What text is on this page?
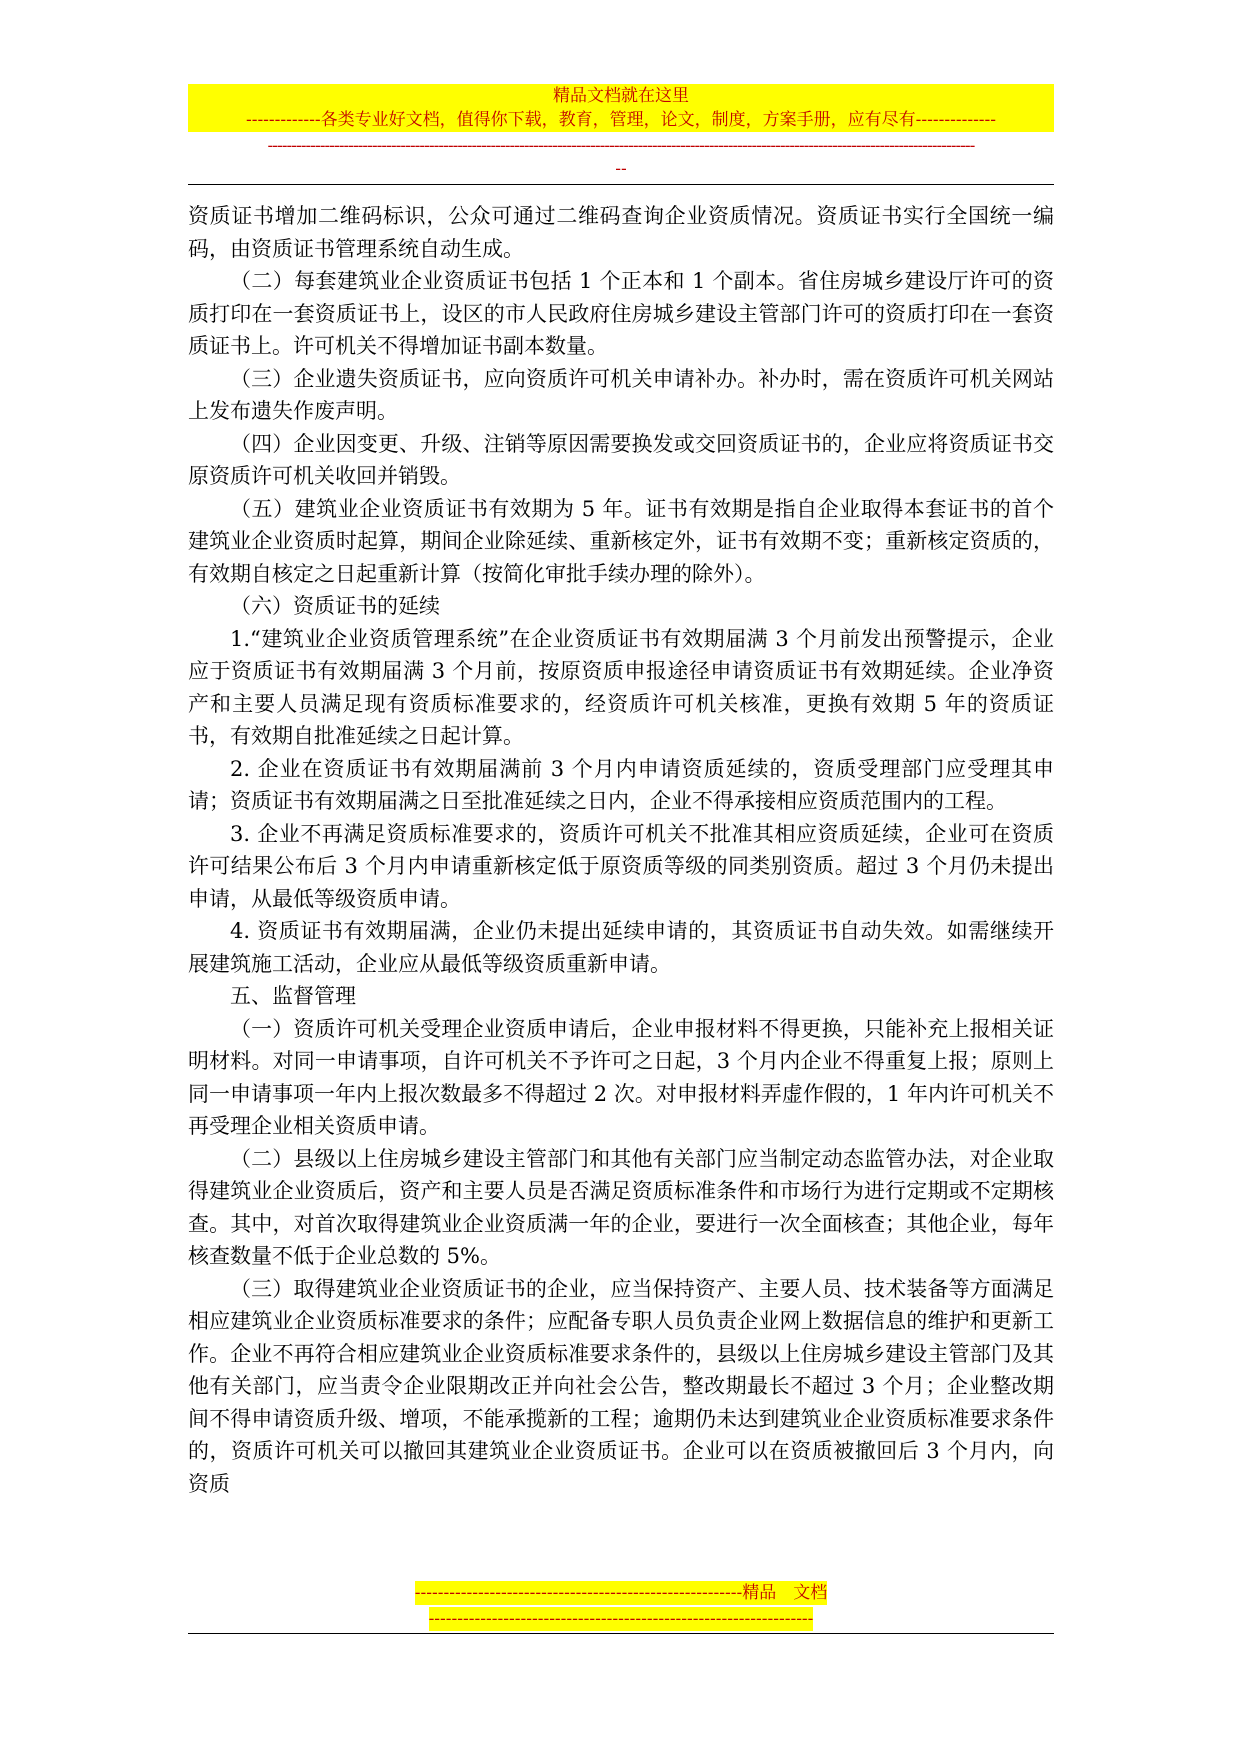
精品文档就在这里
-------------各类专业好文档，值得你下载，教育，管理，论文，制度，方案手册，应有尽有--------------
-----------------------------------------------------------------------------------------------------------------------------------------------------
--

资质证书增加二维码标识，公众可通过二维码查询企业资质情况。资质证书实行全国统一编码，由资质证书管理系统自动生成。

（二）每套建筑业企业资质证书包括 1 个正本和 1 个副本。省住房城乡建设厅许可的资质打印在一套资质证书上，设区的市人民政府住房城乡建设主管部门许可的资质打印在一套资质证书上。许可机关不得增加证书副本数量。

（三）企业遗失资质证书，应向资质许可机关申请补办。补办时，需在资质许可机关网站上发布遗失作废声明。

（四）企业因变更、升级、注销等原因需要换发或交回资质证书的，企业应将资质证书交原资质许可机关收回并销毁。

（五）建筑业企业资质证书有效期为 5 年。证书有效期是指自企业取得本套证书的首个建筑业企业资质时起算，期间企业除延续、重新核定外，证书有效期不变；重新核定资质的，有效期自核定之日起重新计算（按简化审批手续办理的除外）。

（六）资质证书的延续

1.“建筑业企业资质管理系统”在企业资质证书有效期届满 3 个月前发出预警提示，企业应于资质证书有效期届满 3 个月前，按原资质申报途径申请资质证书有效期延续。企业净资产和主要人员满足现有资质标准要求的，经资质许可机关核准，更换有效期 5 年的资质证书，有效期自批准延续之日起计算。

2. 企业在资质证书有效期届满前 3 个月内申请资质延续的，资质受理部门应受理其申请；资质证书有效期届满之日至批准延续之日内，企业不得承接相应资质范围内的工程。

3. 企业不再满足资质标准要求的，资质许可机关不批准其相应资质延续，企业可在资质许可结果公布后 3 个月内申请重新核定低于原资质等级的同类别资质。超过 3 个月仍未提出申请，从最低等级资质申请。

4. 资质证书有效期届满，企业仍未提出延续申请的，其资质证书自动失效。如需继续开展建筑施工活动，企业应从最低等级资质重新申请。

五、监督管理

（一）资质许可机关受理企业资质申请后，企业申报材料不得更换，只能补充上报相关证明材料。对同一申请事项，自许可机关不予许可之日起，3 个月内企业不得重复上报；原则上同一申请事项一年内上报次数最多不得超过 2 次。对申报材料弄虚作假的，1 年内许可机关不再受理企业相关资质申请。

（二）县级以上住房城乡建设主管部门和其他有关部门应当制定动态监管办法，对企业取得建筑业企业资质后，资产和主要人员是否满足资质标准条件和市场行为进行定期或不定期核查。其中，对首次取得建筑业企业资质满一年的企业，要进行一次全面核查；其他企业，每年核查数量不低于企业总数的 5%。

（三）取得建筑业企业资质证书的企业，应当保持资产、主要人员、技术装备等方面满足相应建筑业企业资质标准要求的条件；应配备专职人员负责企业网上数据信息的维护和更新工作。企业不再符合相应建筑业企业资质标准要求条件的，县级以上住房城乡建设主管部门及其他有关部门，应当责令企业限期改正并向社会公告，整改期最长不超过 3 个月；企业整改期间不得申请资质升级、增项，不能承揽新的工程；逾期仍未达到建筑业企业资质标准要求条件的，资质许可机关可以撤回其建筑业企业资质证书。企业可以在资质被撤回后 3 个月内，向资质

---------------------------------------------------------精品　文档
-------------------------------------------------------------------
